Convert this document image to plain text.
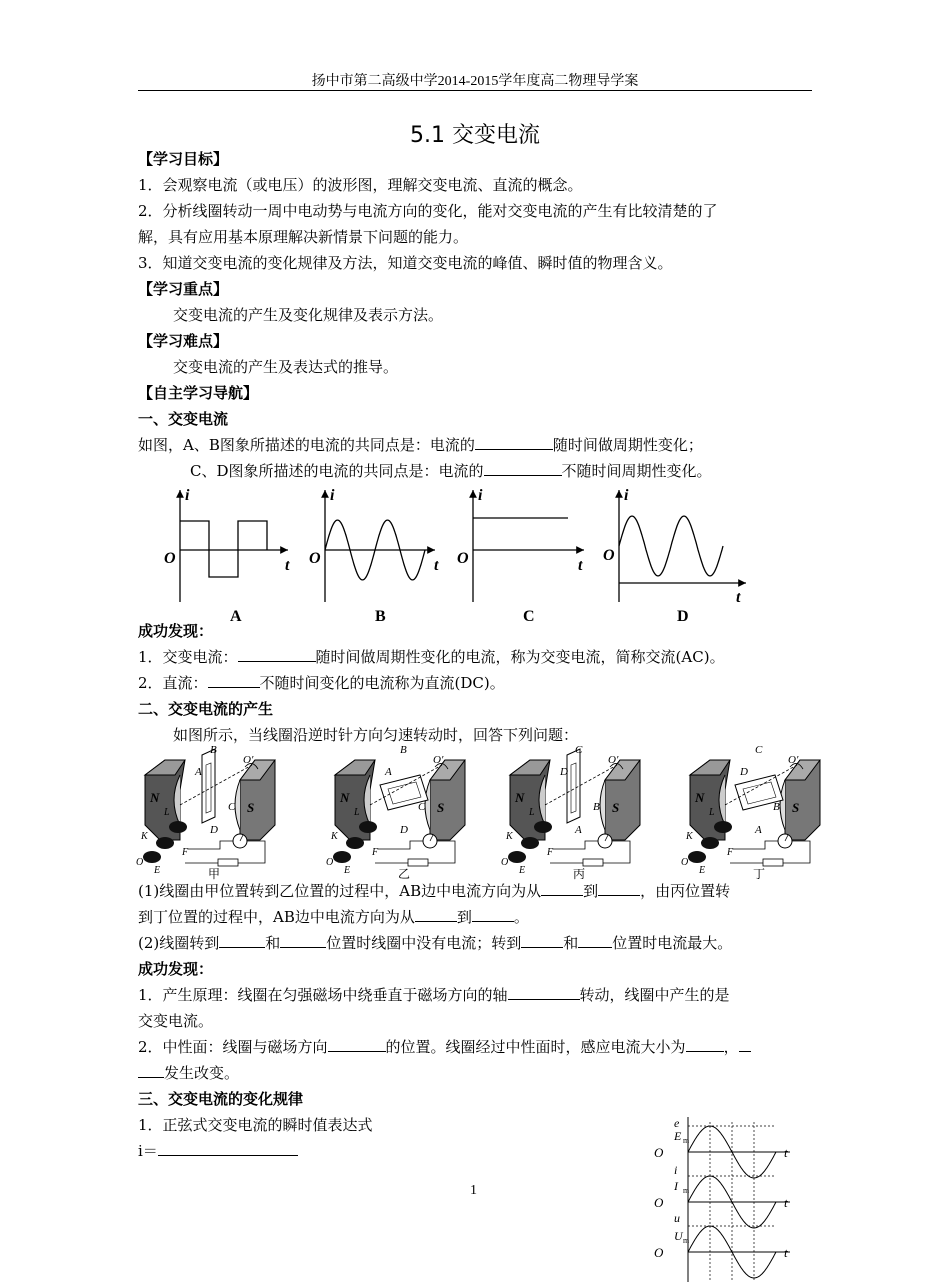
扬中市第二高级中学2014-2015学年度高二物理导学案
5.1 交变电流
【学习目标】
1．会观察电流（或电压）的波形图，理解交变电流、直流的概念。
2．分析线圈转动一周中电动势与电流方向的变化，能对交变电流的产生有比较清楚的了
解，具有应用基本原理解决新情景下问题的能力。
3．知道交变电流的变化规律及方法，知道交变电流的峰值、瞬时值的物理含义。
【学习重点】
交变电流的产生及变化规律及表示方法。
【学习难点】
交变电流的产生及表达式的推导。
【自主学习导航】
一、交变电流
如图，A、B图象所描述的电流的共同点是：电流的	随时间做周期性变化；
C、D图象所描述的电流的共同点是：电流的	不随时间周期性变化。
i
O	t
A
i
O	t
B
i
O	t
C
i
O
t
D
成功发现：
1．交变电流：	随时间做周期性变化的电流，称为交变电流，简称交流(AC)。
2．直流：	不随时间变化的电流称为直流(DC)。
二、交变电流的产生
如图所示，当线圈沿逆时针方向匀速转动时，回答下列问题：
N
S
B
A
C
D
O′
L
K
F
E
O
甲
N
S
B
A
C
D
O′
L
K
F
E
O
乙
N
S
C
D
B
A
O′
L
K
F
E
O
丙
N
S
C
D
B
A
O′
L
K
F
E
O
丁
(1)线圈由甲位置转到乙位置的过程中，AB边中电流方向为从	到	，由丙位置转
到丁位置的过程中，AB边中电流方向为从	到	。
(2)线圈转到	和	位置时线圈中没有电流；转到	和 位置时电流最大。
成功发现：
1．产生原理：线圈在匀强磁场中绕垂直于磁场方向的轴	转动，线圈中产生的是
交变电流。
2．中性面：线圈与磁场方向	的位置。线圈经过中性面时，感应电流大小为	，
发生改变。
三、交变电流的变化规律
1．正弦式交变电流的瞬时值表达式
i＝
e
E m
O	t
i
I m
O	t
u
U m
O	t
1
